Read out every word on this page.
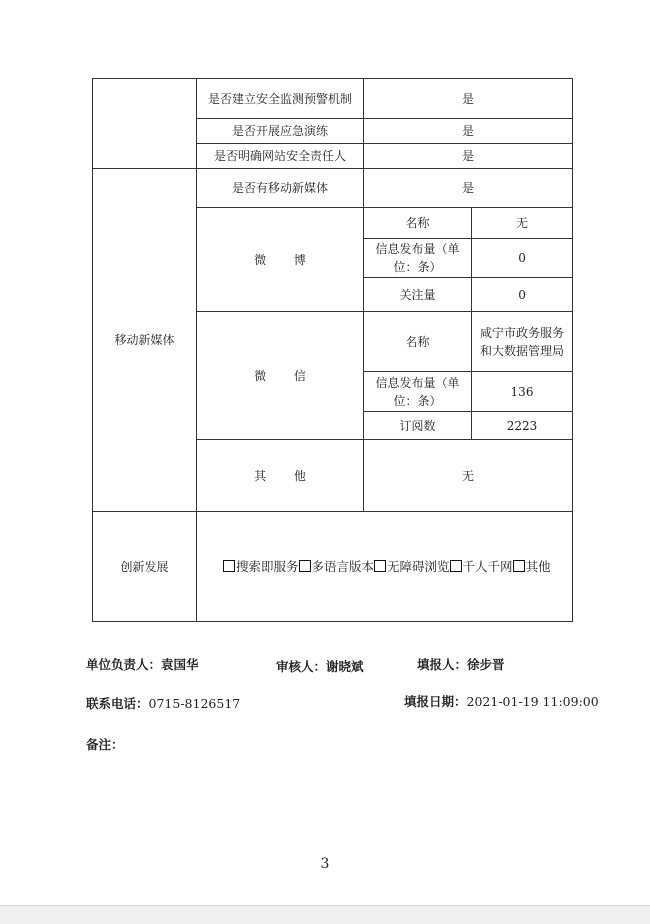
	是否建立安全监测预警机制	是	
	是否开展应急演练	是	
	是否明确网站安全责任人	是	
移动新媒体	是否有移动新媒体	是	
	微 博	名称	无
		信息发布量（单位：条）	0
		关注量	0
	微 信	名称	咸宁市政务服务和大数据管理局
		信息发布量（单位：条）	136
		订阅数	2223
	其 他	无	
创新发展	搜索即服务 多语言版本 无障碍浏览 千人千网 其他		
单位负责人：袁国华	审核人：谢晓斌	填报人：徐步晋
联系电话：0715-8126517	填报日期：2021-01-19 11:09:00
备注：
3
